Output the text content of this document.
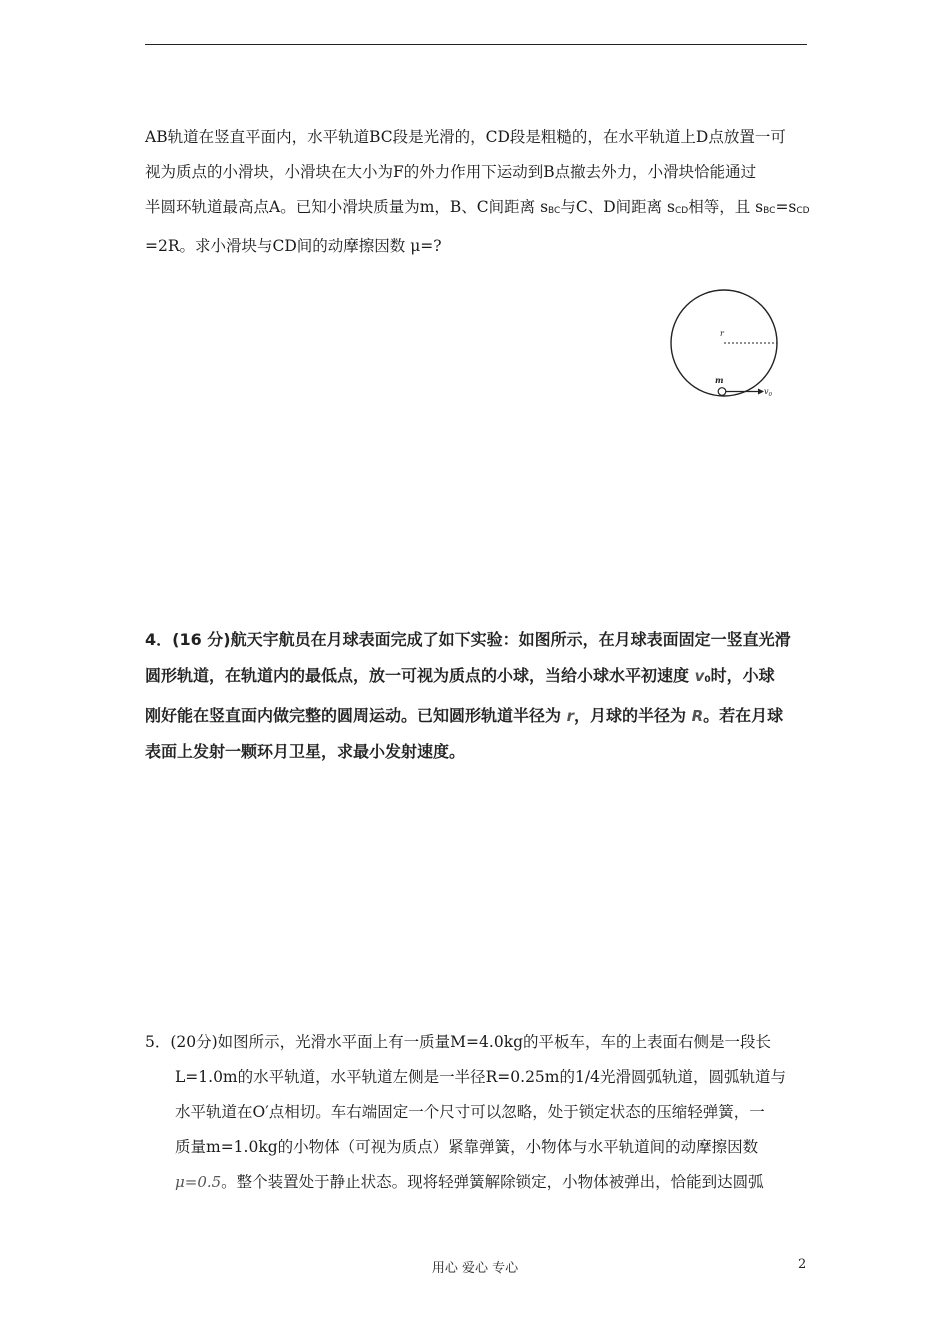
AB轨道在竖直平面内，水平轨道BC段是光滑的，CD段是粗糙的，在水平轨道上D点放置一可
视为质点的小滑块，小滑块在大小为F的外力作用下运动到B点撤去外力，小滑块恰能通过
半圆环轨道最高点A。已知小滑块质量为m，B、C间距离 sBC与C、D间距离 sCD相等，且 sBC=sCD
=2R。求小滑块与CD间的动摩擦因数 μ=?
r
m
$v_0$
4．(16 分)航天宇航员在月球表面完成了如下实验：如图所示，在月球表面固定一竖直光滑
圆形轨道，在轨道内的最低点，放一可视为质点的小球，当给小球水平初速度 v0时，小球
刚好能在竖直面内做完整的圆周运动。已知圆形轨道半径为 r，月球的半径为 R。若在月球
表面上发射一颗环月卫星，求最小发射速度。
5．(20分)如图所示，光滑水平面上有一质量M=4.0kg的平板车，车的上表面右侧是一段长
L=1.0m的水平轨道，水平轨道左侧是一半径R=0.25m的1/4光滑圆弧轨道，圆弧轨道与
水平轨道在O′点相切。车右端固定一个尺寸可以忽略，处于锁定状态的压缩轻弹簧，一
质量m=1.0kg的小物体（可视为质点）紧靠弹簧，小物体与水平轨道间的动摩擦因数
μ=0.5。整个装置处于静止状态。现将轻弹簧解除锁定，小物体被弹出，恰能到达圆弧
用心 爱心 专心	2
